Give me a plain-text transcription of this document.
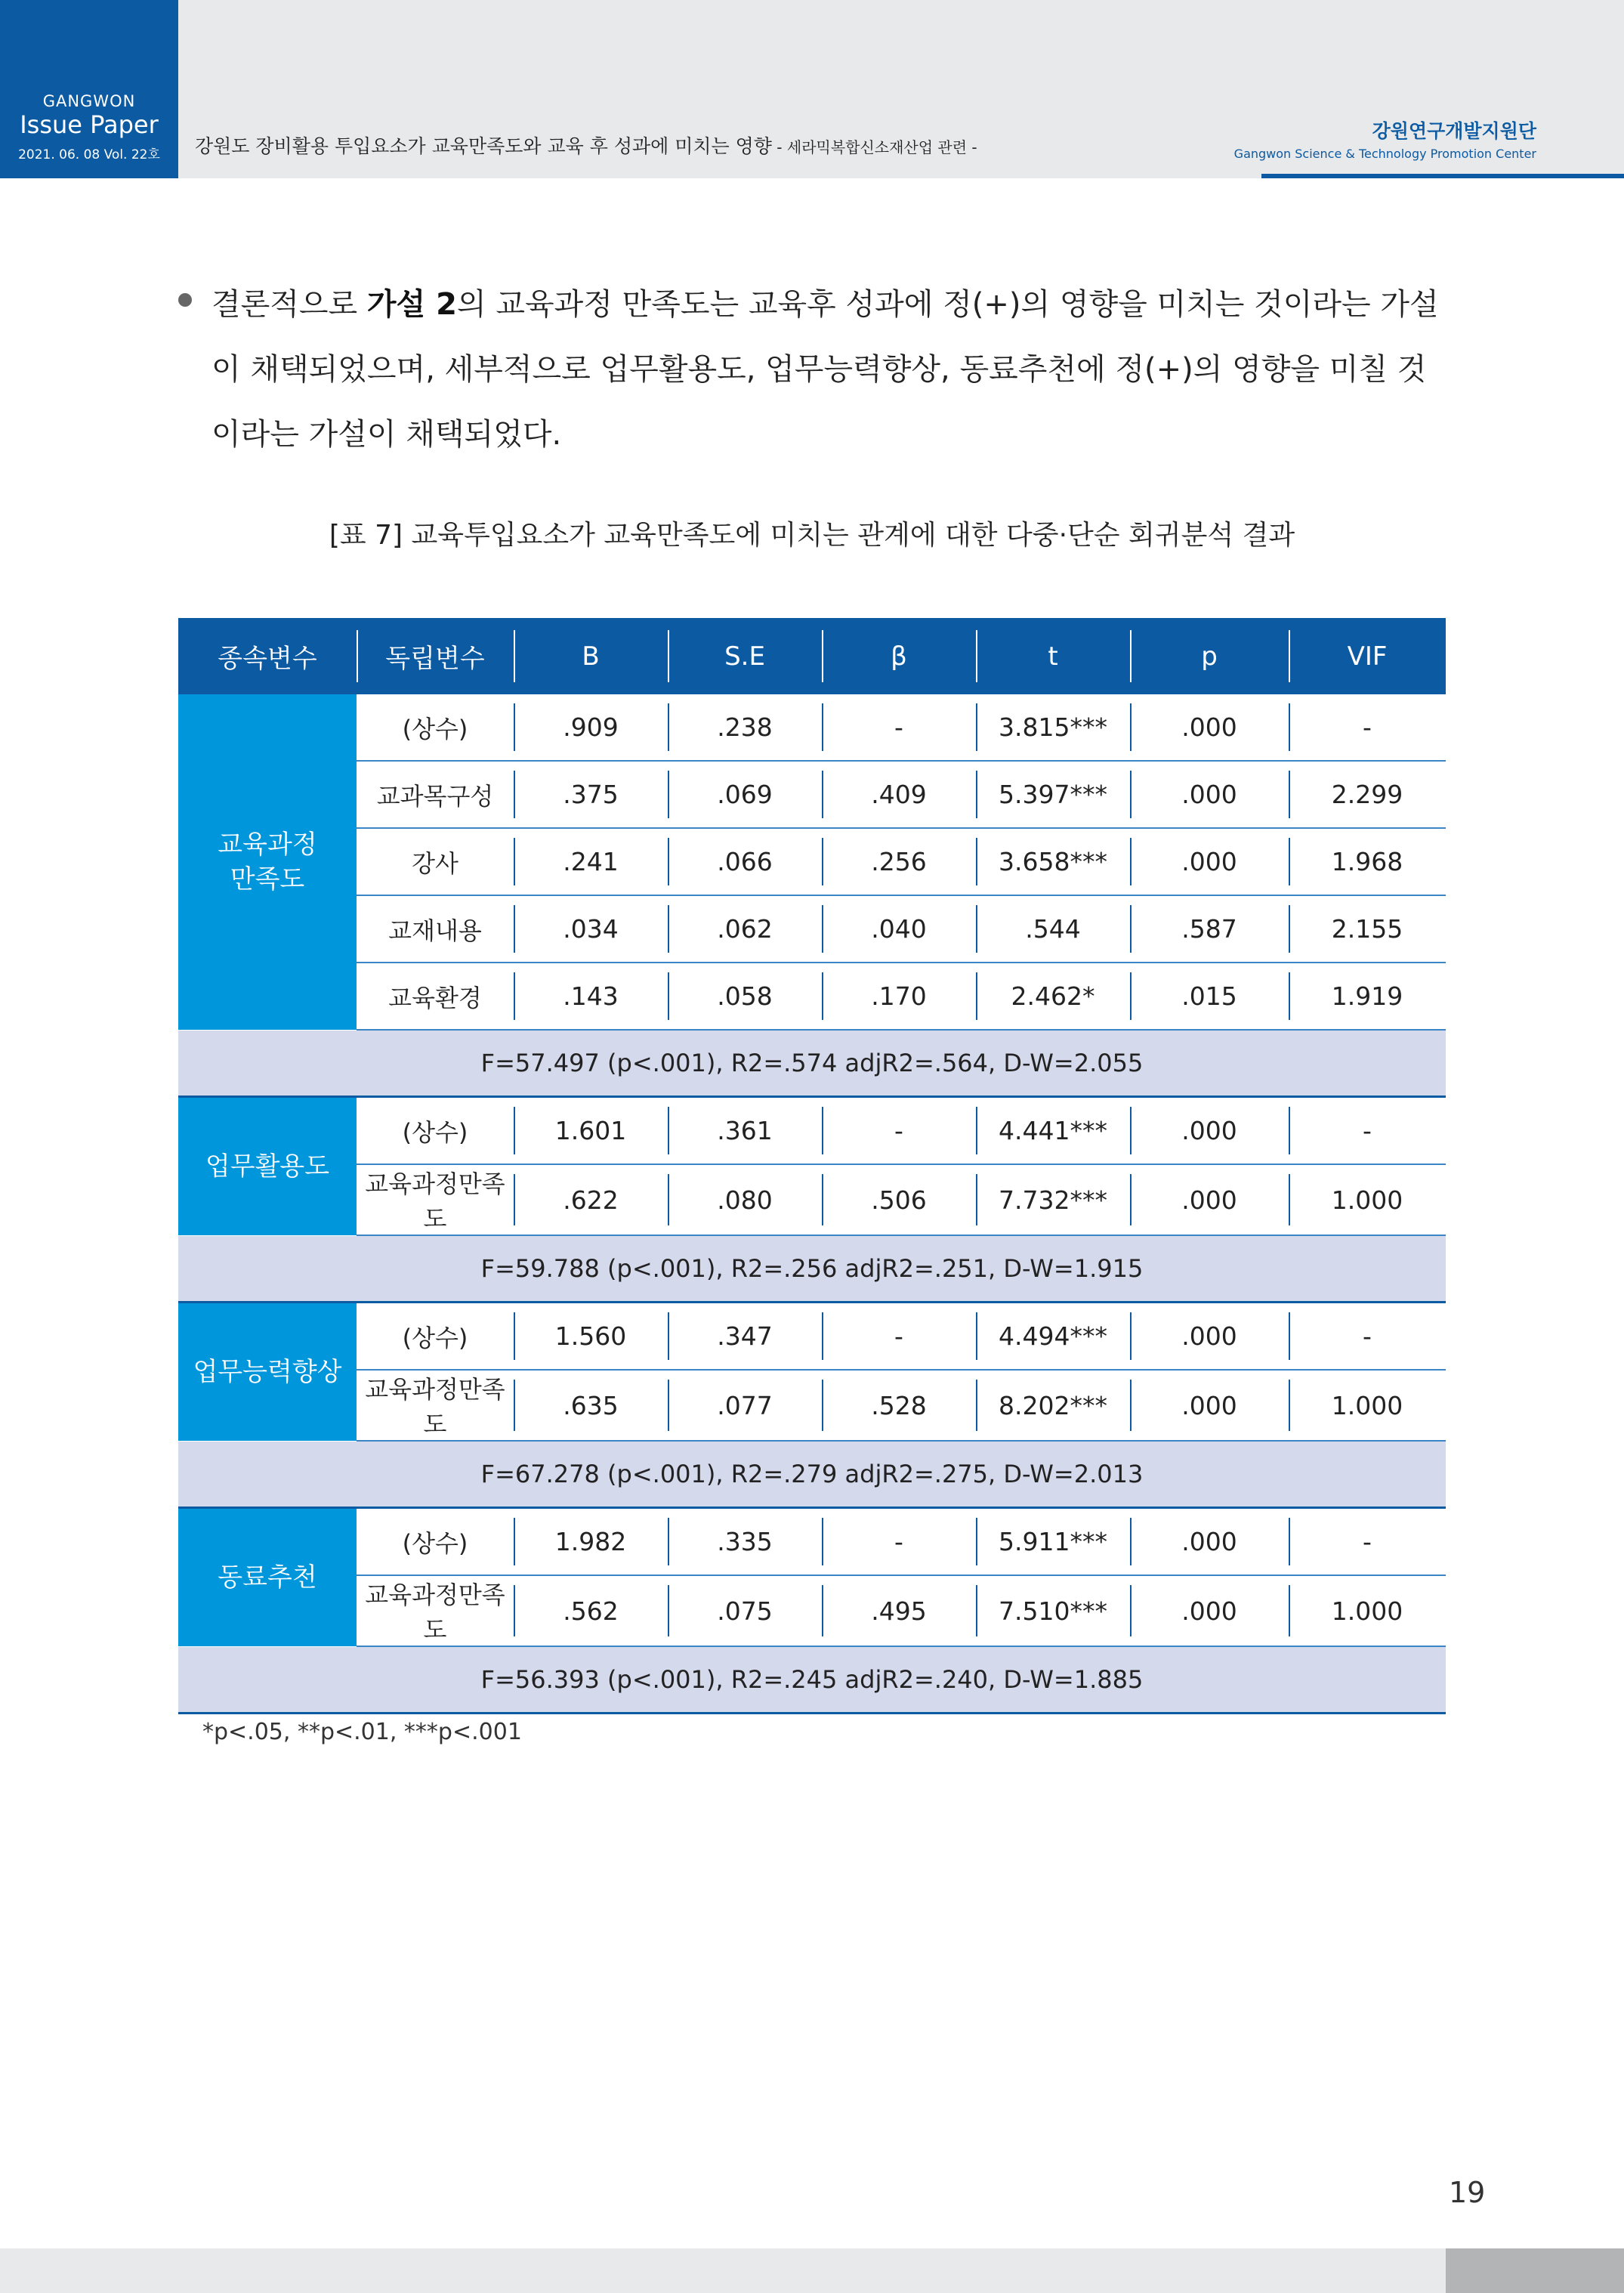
GANGWON
Issue Paper
2021. 06. 08 Vol. 22호	강원도 장비활용 투입요소가 교육만족도와 교육 후 성과에 미치는 영향 - 세라믹복합신소재산업 관련 -
강원연구개발지원단
Gangwon Science & Technology Promotion Center
결론적으로 가설 2의 교육과정 만족도는 교육후 성과에 정(+)의 영향을 미치는 것이라는 가설이 채택되었으며, 세부적으로 업무활용도, 업무능력향상, 동료추천에 정(+)의 영향을 미칠 것이라는 가설이 채택되었다.
[표 7] 교육투입요소가 교육만족도에 미치는 관계에 대한 다중·단순 회귀분석 결과
종속변수	독립변수	B	S.E	β	t	p	VIF
교육과정
만족도	(상수)	.909	.238	-	3.815***	.000	-
	교과목구성	.375	.069	.409	5.397***	.000	2.299
	강사	.241	.066	.256	3.658***	.000	1.968
	교재내용	.034	.062	.040	.544	.587	2.155
	교육환경	.143	.058	.170	2.462*	.015	1.919
F=57.497 (p<.001), R2=.574 adjR2=.564, D-W=2.055							
업무활용도	(상수)	1.601	.361	-	4.441***	.000	-
	교육과정만족도	.622	.080	.506	7.732***	.000	1.000
F=59.788 (p<.001), R2=.256 adjR2=.251, D-W=1.915							
업무능력향상	(상수)	1.560	.347	-	4.494***	.000	-
	교육과정만족도	.635	.077	.528	8.202***	.000	1.000
F=67.278 (p<.001), R2=.279 adjR2=.275, D-W=2.013							
동료추천	(상수)	1.982	.335	-	5.911***	.000	-
	교육과정만족도	.562	.075	.495	7.510***	.000	1.000
F=56.393 (p<.001), R2=.245 adjR2=.240, D-W=1.885							
*p<.05, **p<.01, ***p<.001
19
